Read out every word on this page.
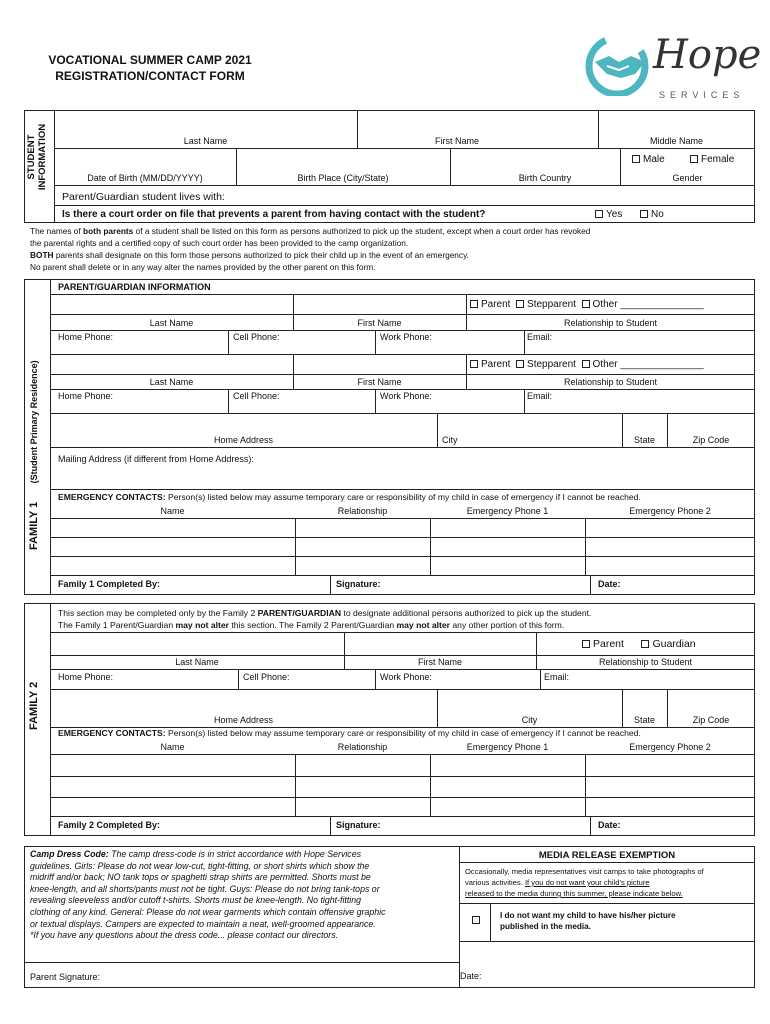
VOCATIONAL SUMMER CAMP 2021
REGISTRATION/CONTACT FORM	Hope
SERVICES
STUDENT INFORMATION	Last Name	First Name	Middle Name
Male	Female
Date of Birth (MM/DD/YYYY)	Birth Place (City/State)	Birth Country	Gender
Parent/Guardian student lives with:
Is there a court order on file that prevents a parent from having contact with the student?	Yes	No
The names of both parents of a student shall be listed on this form as persons authorized to pick up the student, except when a court order has revoked
the parental rights and a certified copy of such court order has been provided to the camp organization.
BOTH parents shall designate on this form those persons authorized to pick their child up in the event of an emergency.
No parent shall delete or in any way alter the names provided by the other parent on this form.
FAMILY 1      (Student Primary Residence)
PARENT/GUARDIAN INFORMATION
Parent Stepparent Other _______________
Last Name	First Name	Relationship to Student
Home Phone:	Cell Phone:	Work Phone:	Email:
Parent Stepparent Other _______________
Last Name	First Name	Relationship to Student
Home Phone:	Cell Phone:	Work Phone:	Email:
Home Address	City	State	Zip Code
Mailing Address (if different from Home Address):
EMERGENCY CONTACTS: Person(s) listed below may assume temporary care or responsibility of my child in case of emergency if I cannot be reached.
Name	Relationship	Emergency Phone 1	Emergency Phone 2
Family 1 Completed By:	Signature:	Date:
FAMILY 2
This section may be completed only by the Family 2 PARENT/GUARDIAN to designate additional persons authorized to pick up the student.
The Family 1 Parent/Guardian may not alter this section. The Family 2 Parent/Guardian may not alter any other portion of this form.
Parent	Guardian
Last Name	First Name	Relationship to Student
Home Phone:	Cell Phone:	Work Phone:	Email:
Home Address	City	State	Zip Code
EMERGENCY CONTACTS: Person(s) listed below may assume temporary care or responsibility of my child in case of emergency if I cannot be reached.
Name	Relationship	Emergency Phone 1	Emergency Phone 2
Family 2 Completed By:	Signature:	Date:
Camp Dress Code: The camp dress-code is in strict accordance with Hope Services
guidelines. Girls: Please do not wear low-cut, tight-fitting, or short shirts which show the
midriff and/or back; NO tank tops or spaghetti strap shirts are permitted. Shorts must be
knee-length, and all shorts/pants must not be tight. Guys: Please do not bring tank-tops or
revealing sleeveless and/or cutoff t-shirts. Shorts must be knee-length. No tight-fitting
clothing of any kind. General: Please do not wear garments which contain offensive graphic
or textual displays. Campers are expected to maintain a neat, well-groomed appearance.
*If you have any questions about the dress code... please contact our directors.
Parent Signature:
MEDIA RELEASE EXEMPTION
Occasionally, media representatives visit camps to take photographs of
various activities. If you do not want your child's picture
released to the media during this summer, please indicate below.
I do not want my child to have his/her picture
published in the media.
Date:
